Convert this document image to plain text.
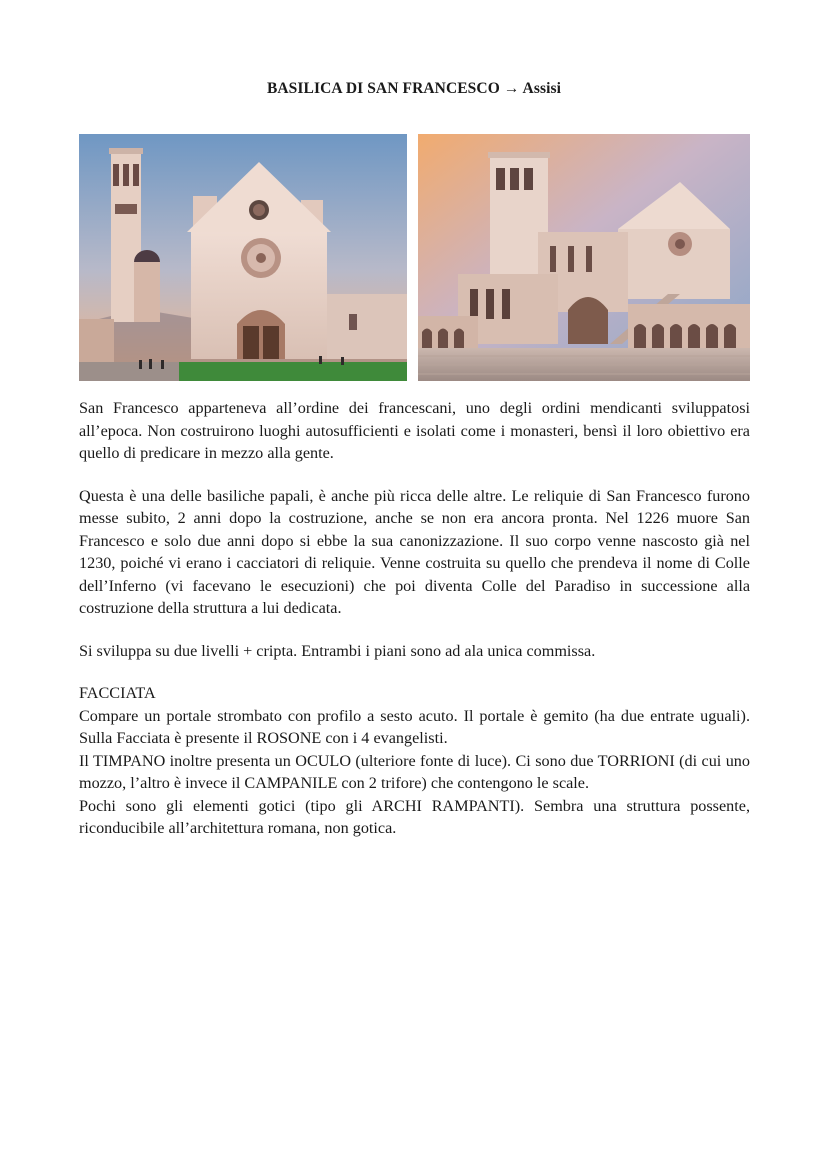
BASILICA DI SAN FRANCESCO → Assisi

San Francesco apparteneva all’ordine dei francescani, uno degli ordini mendicanti sviluppatosi all’epoca. Non costruirono luoghi autosufficienti e isolati come i monasteri, bensì il loro obiettivo era quello di predicare in mezzo alla gente.

Questa è una delle basiliche papali, è anche più ricca delle altre. Le reliquie di San Francesco furono messe subito, 2 anni dopo la costruzione, anche se non era ancora pronta. Nel 1226 muore San Francesco e solo due anni dopo si ebbe la sua canonizzazione. Il suo corpo venne nascosto già nel 1230, poiché vi erano i cacciatori di reliquie. Venne costruita su quello che prendeva il nome di Colle dell’Inferno (vi facevano le esecuzioni) che poi diventa Colle del Paradiso in successione alla costruzione della struttura a lui dedicata.

Si sviluppa su due livelli + cripta. Entrambi i piani sono ad ala unica commissa.

FACCIATA
Compare un portale strombato con profilo a sesto acuto. Il portale è gemito (ha due entrate uguali). Sulla Facciata è presente il ROSONE con i 4 evangelisti.
Il TIMPANO inoltre presenta un OCULO (ulteriore fonte di luce). Ci sono due TORRIONI (di cui uno mozzo, l’altro è invece il CAMPANILE con 2 trifore) che contengono le scale.
Pochi sono gli elementi gotici (tipo gli ARCHI RAMPANTI). Sembra una struttura possente, riconducibile all’architettura romana, non gotica.
